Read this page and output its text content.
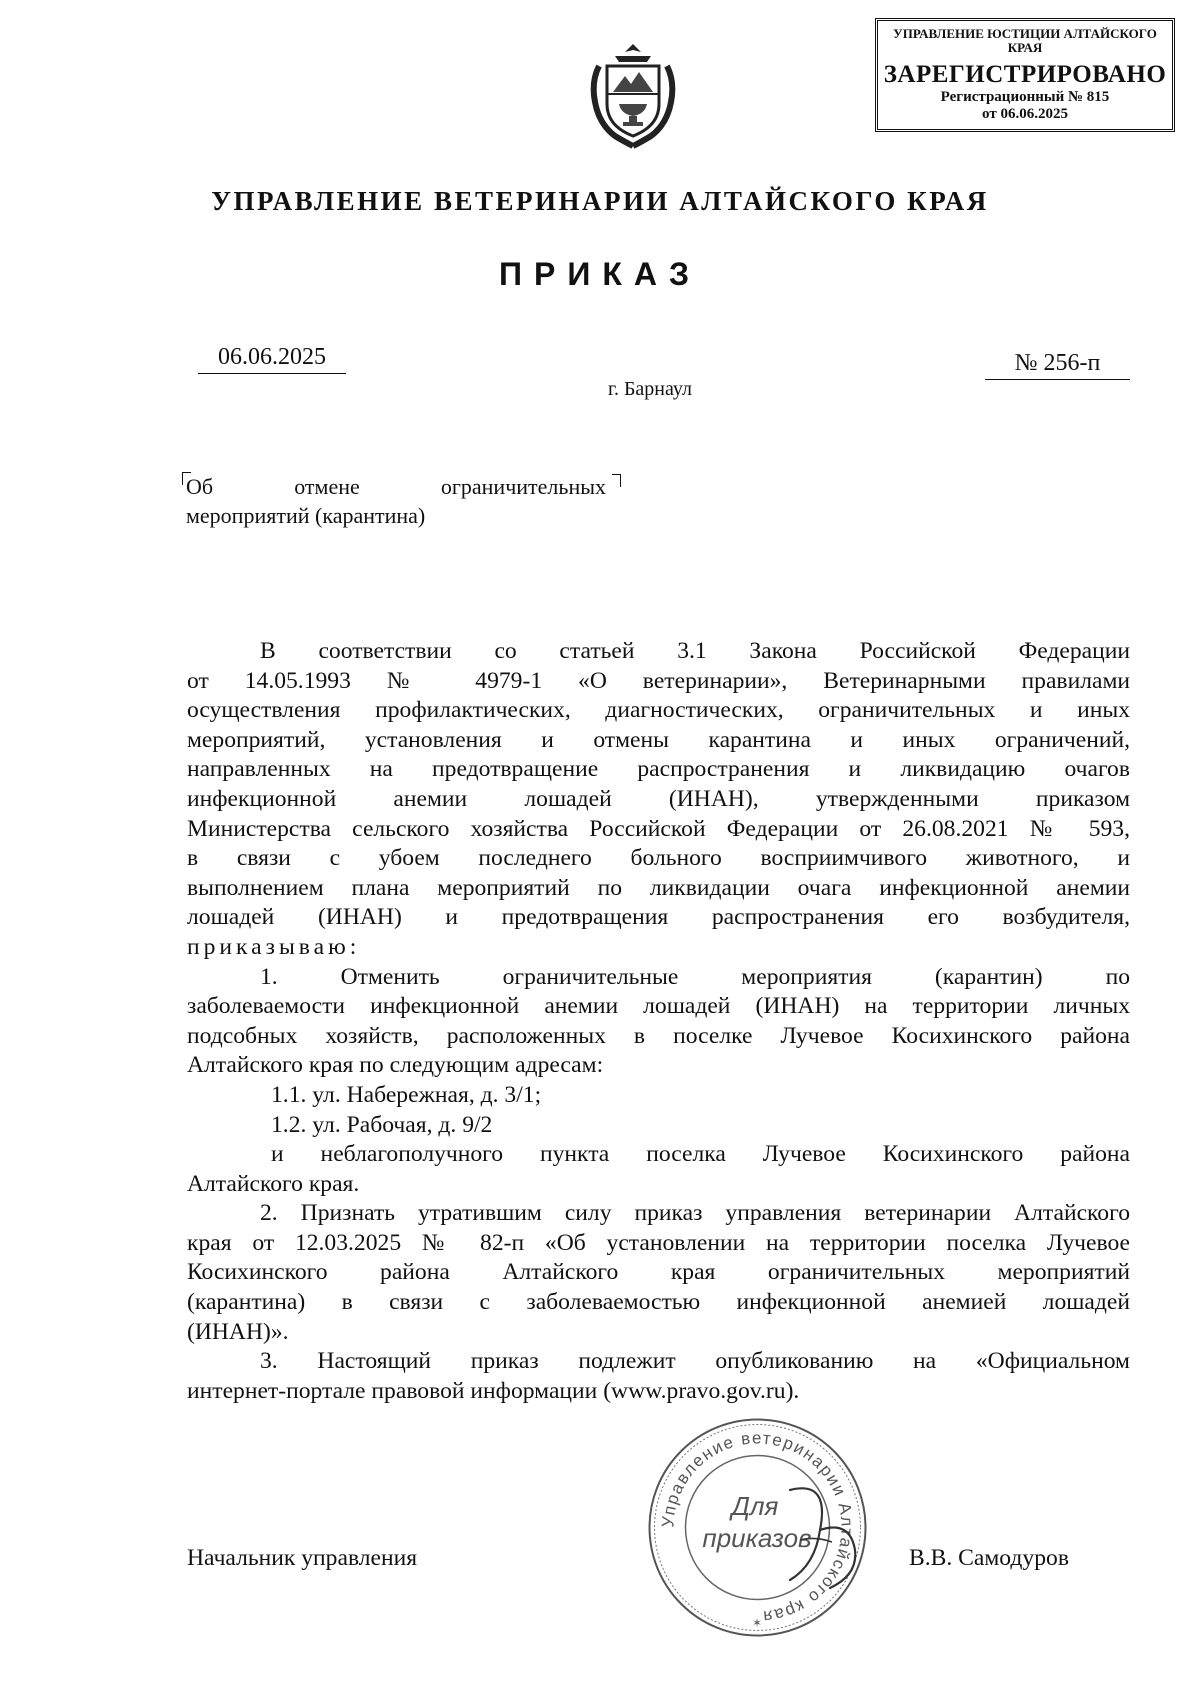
УПРАВЛЕНИЕ ЮСТИЦИИ АЛТАЙСКОГО КРАЯ
ЗАРЕГИСТРИРОВАНО
Регистрационный № 815
от 06.06.2025
УПРАВЛЕНИЕ ВЕТЕРИНАРИИ АЛТАЙСКОГО КРАЯ
ПРИКАЗ
06.06.2025	№ 256-п
г. Барнаул
Об	отмене	ограничительных
мероприятий (карантина)

В соответствии со статьей 3.1 Закона Российской Федерации

от 14.05.1993 № 4979-1 «О ветеринарии», Ветеринарными правилами

осуществления профилактических, диагностических, ограничительных и иных

мероприятий, установления и отмены карантина и иных ограничений,

направленных на предотвращение распространения и ликвидацию очагов

инфекционной анемии лошадей (ИНАН), утвержденными приказом

Министерства сельского хозяйства Российской Федерации от 26.08.2021 № 593,

в связи с убоем последнего больного восприимчивого животного, и

выполнением плана мероприятий по ликвидации очага инфекционной анемии

лошадей (ИНАН) и предотвращения распространения его возбудителя,

приказываю:

1. Отменить ограничительные мероприятия (карантин) по

заболеваемости инфекционной анемии лошадей (ИНАН) на территории личных

подсобных хозяйств, расположенных в поселке Лучевое Косихинского района

Алтайского края по следующим адресам:

1.1. ул. Набережная, д. 3/1;

1.2. ул. Рабочая, д. 9/2

и неблагополучного пункта поселка Лучевое Косихинского района

Алтайского края.

2. Признать утратившим силу приказ управления ветеринарии Алтайского

края от 12.03.2025 № 82-п «Об установлении на территории поселка Лучевое

Косихинского района Алтайского края ограничительных мероприятий

(карантина) в связи с заболеваемостью инфекционной анемией лошадей

(ИНАН)».

3. Настоящий приказ подлежит опубликованию на «Официальном

интернет-портале правовой информации (www.pravo.gov.ru).

Управление ветеринарии Алтайского края
Для
приказов
✶
Начальник управления	В.В. Самодуров
